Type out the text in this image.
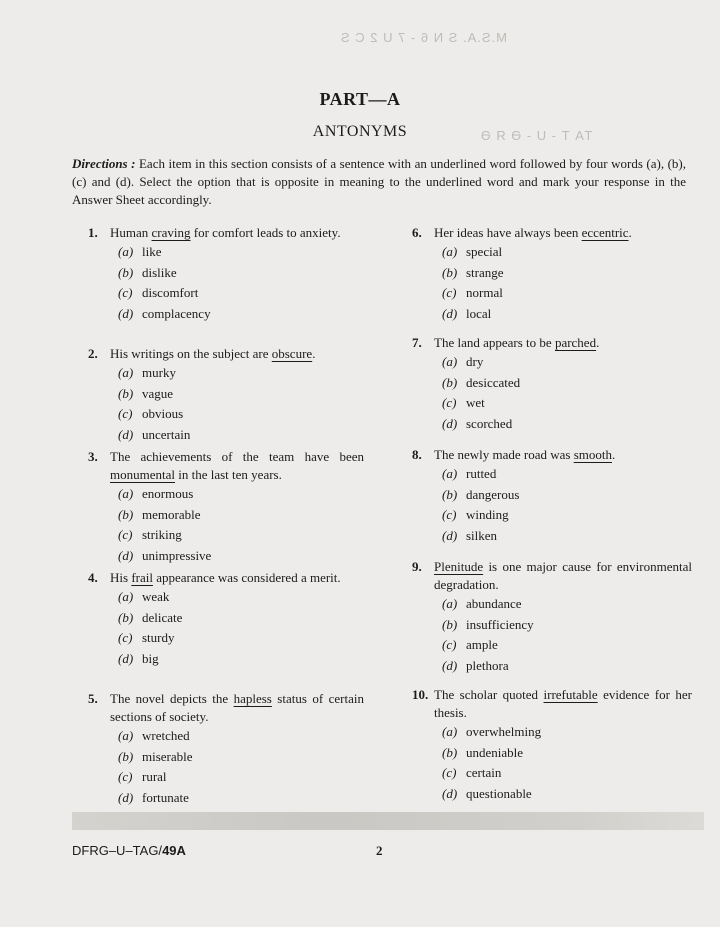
M.S.A. S N 6 - 7 U 2 C S
ТА Т - U - Ә Я Ә
PART—A
ANTONYMS
Directions : Each item in this section consists of a sentence with an underlined word followed by four words (a), (b), (c) and (d). Select the option that is opposite in meaning to the underlined word and mark your response in the Answer Sheet accordingly.
1. Human craving for comfort leads to anxiety.
(a) like
(b) dislike
(c) discomfort
(d) complacency
2. His writings on the subject are obscure.
(a) murky
(b) vague
(c) obvious
(d) uncertain
3. The achievements of the team have been monumental in the last ten years.
(a) enormous
(b) memorable
(c) striking
(d) unimpressive
4. His frail appearance was considered a merit.
(a) weak
(b) delicate
(c) sturdy
(d) big
5. The novel depicts the hapless status of certain sections of society.
(a) wretched
(b) miserable
(c) rural
(d) fortunate
6. Her ideas have always been eccentric.
(a) special
(b) strange
(c) normal
(d) local
7. The land appears to be parched.
(a) dry
(b) desiccated
(c) wet
(d) scorched
8. The newly made road was smooth.
(a) rutted
(b) dangerous
(c) winding
(d) silken
9. Plenitude is one major cause for environmental degradation.
(a) abundance
(b) insufficiency
(c) ample
(d) plethora
10. The scholar quoted irrefutable evidence for her thesis.
(a) overwhelming
(b) undeniable
(c) certain
(d) questionable
DFRG–U–TAG/49A	2
